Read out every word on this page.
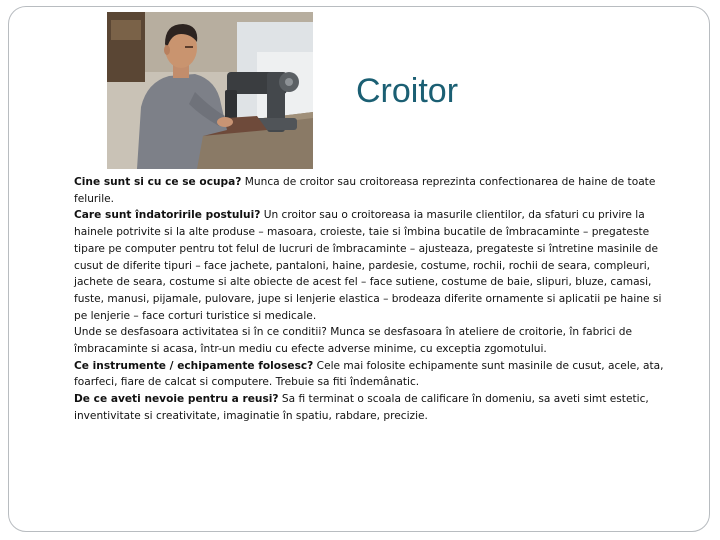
Croitor

Cine sunt si cu ce se ocupa? Munca de croitor sau croitoreasa reprezinta confectionarea de haine de toate felurile.

Care sunt îndatoririle postului? Un croitor sau o croitoreasa ia masurile clientilor, da sfaturi cu privire la hainele potrivite si la alte produse – masoara, croieste, taie si îmbina bucatile de îmbracaminte – pregateste tipare pe computer pentru tot felul de lucruri de îmbracaminte – ajusteaza, pregateste si întretine masinile de cusut de diferite tipuri – face jachete, pantaloni, haine, pardesie, costume, rochii, rochii de seara, compleuri, jachete de seara, costume si alte obiecte de acest fel – face sutiene, costume de baie, slipuri, bluze, camasi, fuste, manusi, pijamale, pulovare, jupe si lenjerie elastica – brodeaza diferite ornamente si aplicatii pe haine si pe lenjerie – face corturi turistice si medicale.

Unde se desfasoara activitatea si în ce conditii? Munca se desfasoara în ateliere de croitorie, în fabrici de îmbracaminte si acasa, într-un mediu cu efecte adverse minime, cu exceptia zgomotului.

Ce instrumente / echipamente folosesc? Cele mai folosite echipamente sunt masinile de cusut, acele, ata, foarfeci, fiare de calcat si computere. Trebuie sa fiti îndemânatic.

De ce aveti nevoie pentru a reusi? Sa fi terminat o scoala de calificare în domeniu, sa aveti simt estetic, inventivitate si creativitate, imaginatie în spatiu, rabdare, precizie.
